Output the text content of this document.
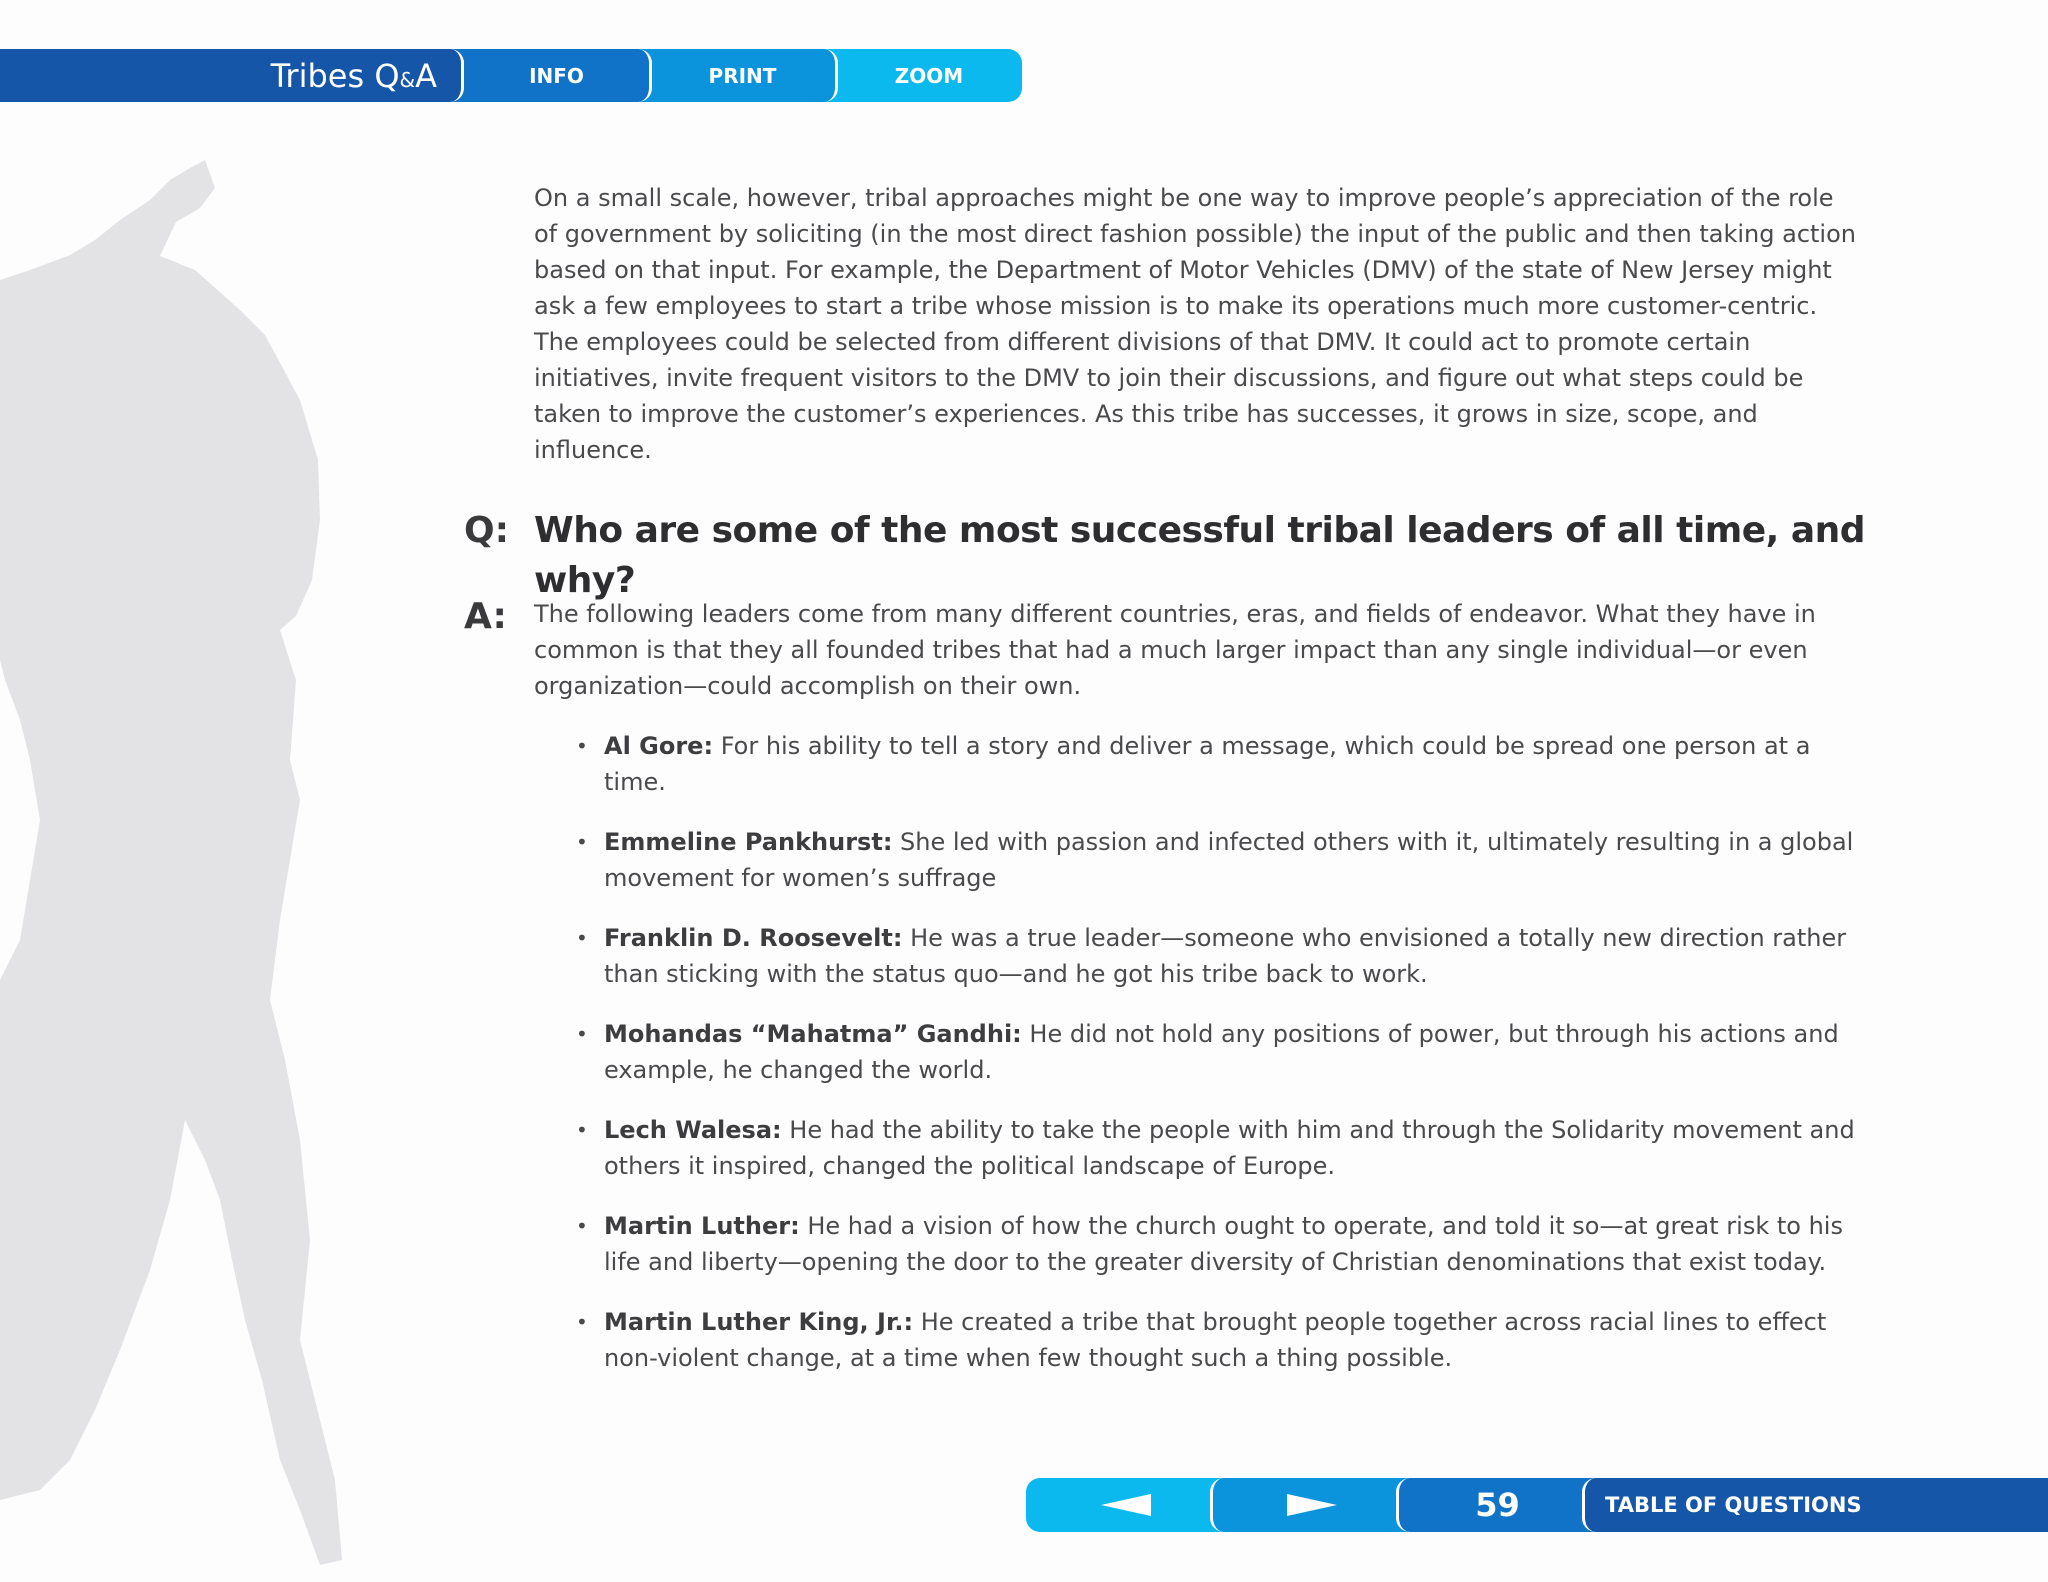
Tribes Q&A	INFO	PRINT	ZOOM

On a small scale, however, tribal approaches might be one way to improve people’s appreciation of the role of government by soliciting (in the most direct fashion possible) the input of the public and then taking action based on that input. For example, the Department of Motor Vehicles (DMV) of the state of New Jersey might ask a few employees to start a tribe whose mission is to make its operations much more customer-centric. The employees could be selected from different divisions of that DMV. It could act to promote certain initiatives, invite frequent visitors to the DMV to join their discussions, and figure out what steps could be taken to improve the customer’s experiences. As this tribe has successes, it grows in size, scope, and influence.

Q: Who are some of the most successful tribal leaders of all time, and why?
A:	The following leaders come from many different countries, eras, and fields of endeavor. What they have in common is that they all founded tribes that had a much larger impact than any single individual—or even organization—could accomplish on their own.

• Al Gore: For his ability to tell a story and deliver a message, which could be spread one person at a time.
• Emmeline Pankhurst: She led with passion and infected others with it, ultimately resulting in a global movement for women’s suffrage
• Franklin D. Roosevelt: He was a true leader—someone who envisioned a totally new direction rather than sticking with the status quo—and he got his tribe back to work.
• Mohandas “Mahatma” Gandhi: He did not hold any positions of power, but through his actions and example, he changed the world.
• Lech Walesa: He had the ability to take the people with him and through the Solidarity movement and others it inspired, changed the political landscape of Europe.
• Martin Luther: He had a vision of how the church ought to operate, and told it so—at great risk to his life and liberty—opening the door to the greater diversity of Christian denominations that exist today.
• Martin Luther King, Jr.: He created a tribe that brought people together across racial lines to effect non-violent change, at a time when few thought such a thing possible.
59	TABLE OF QUESTIONS
